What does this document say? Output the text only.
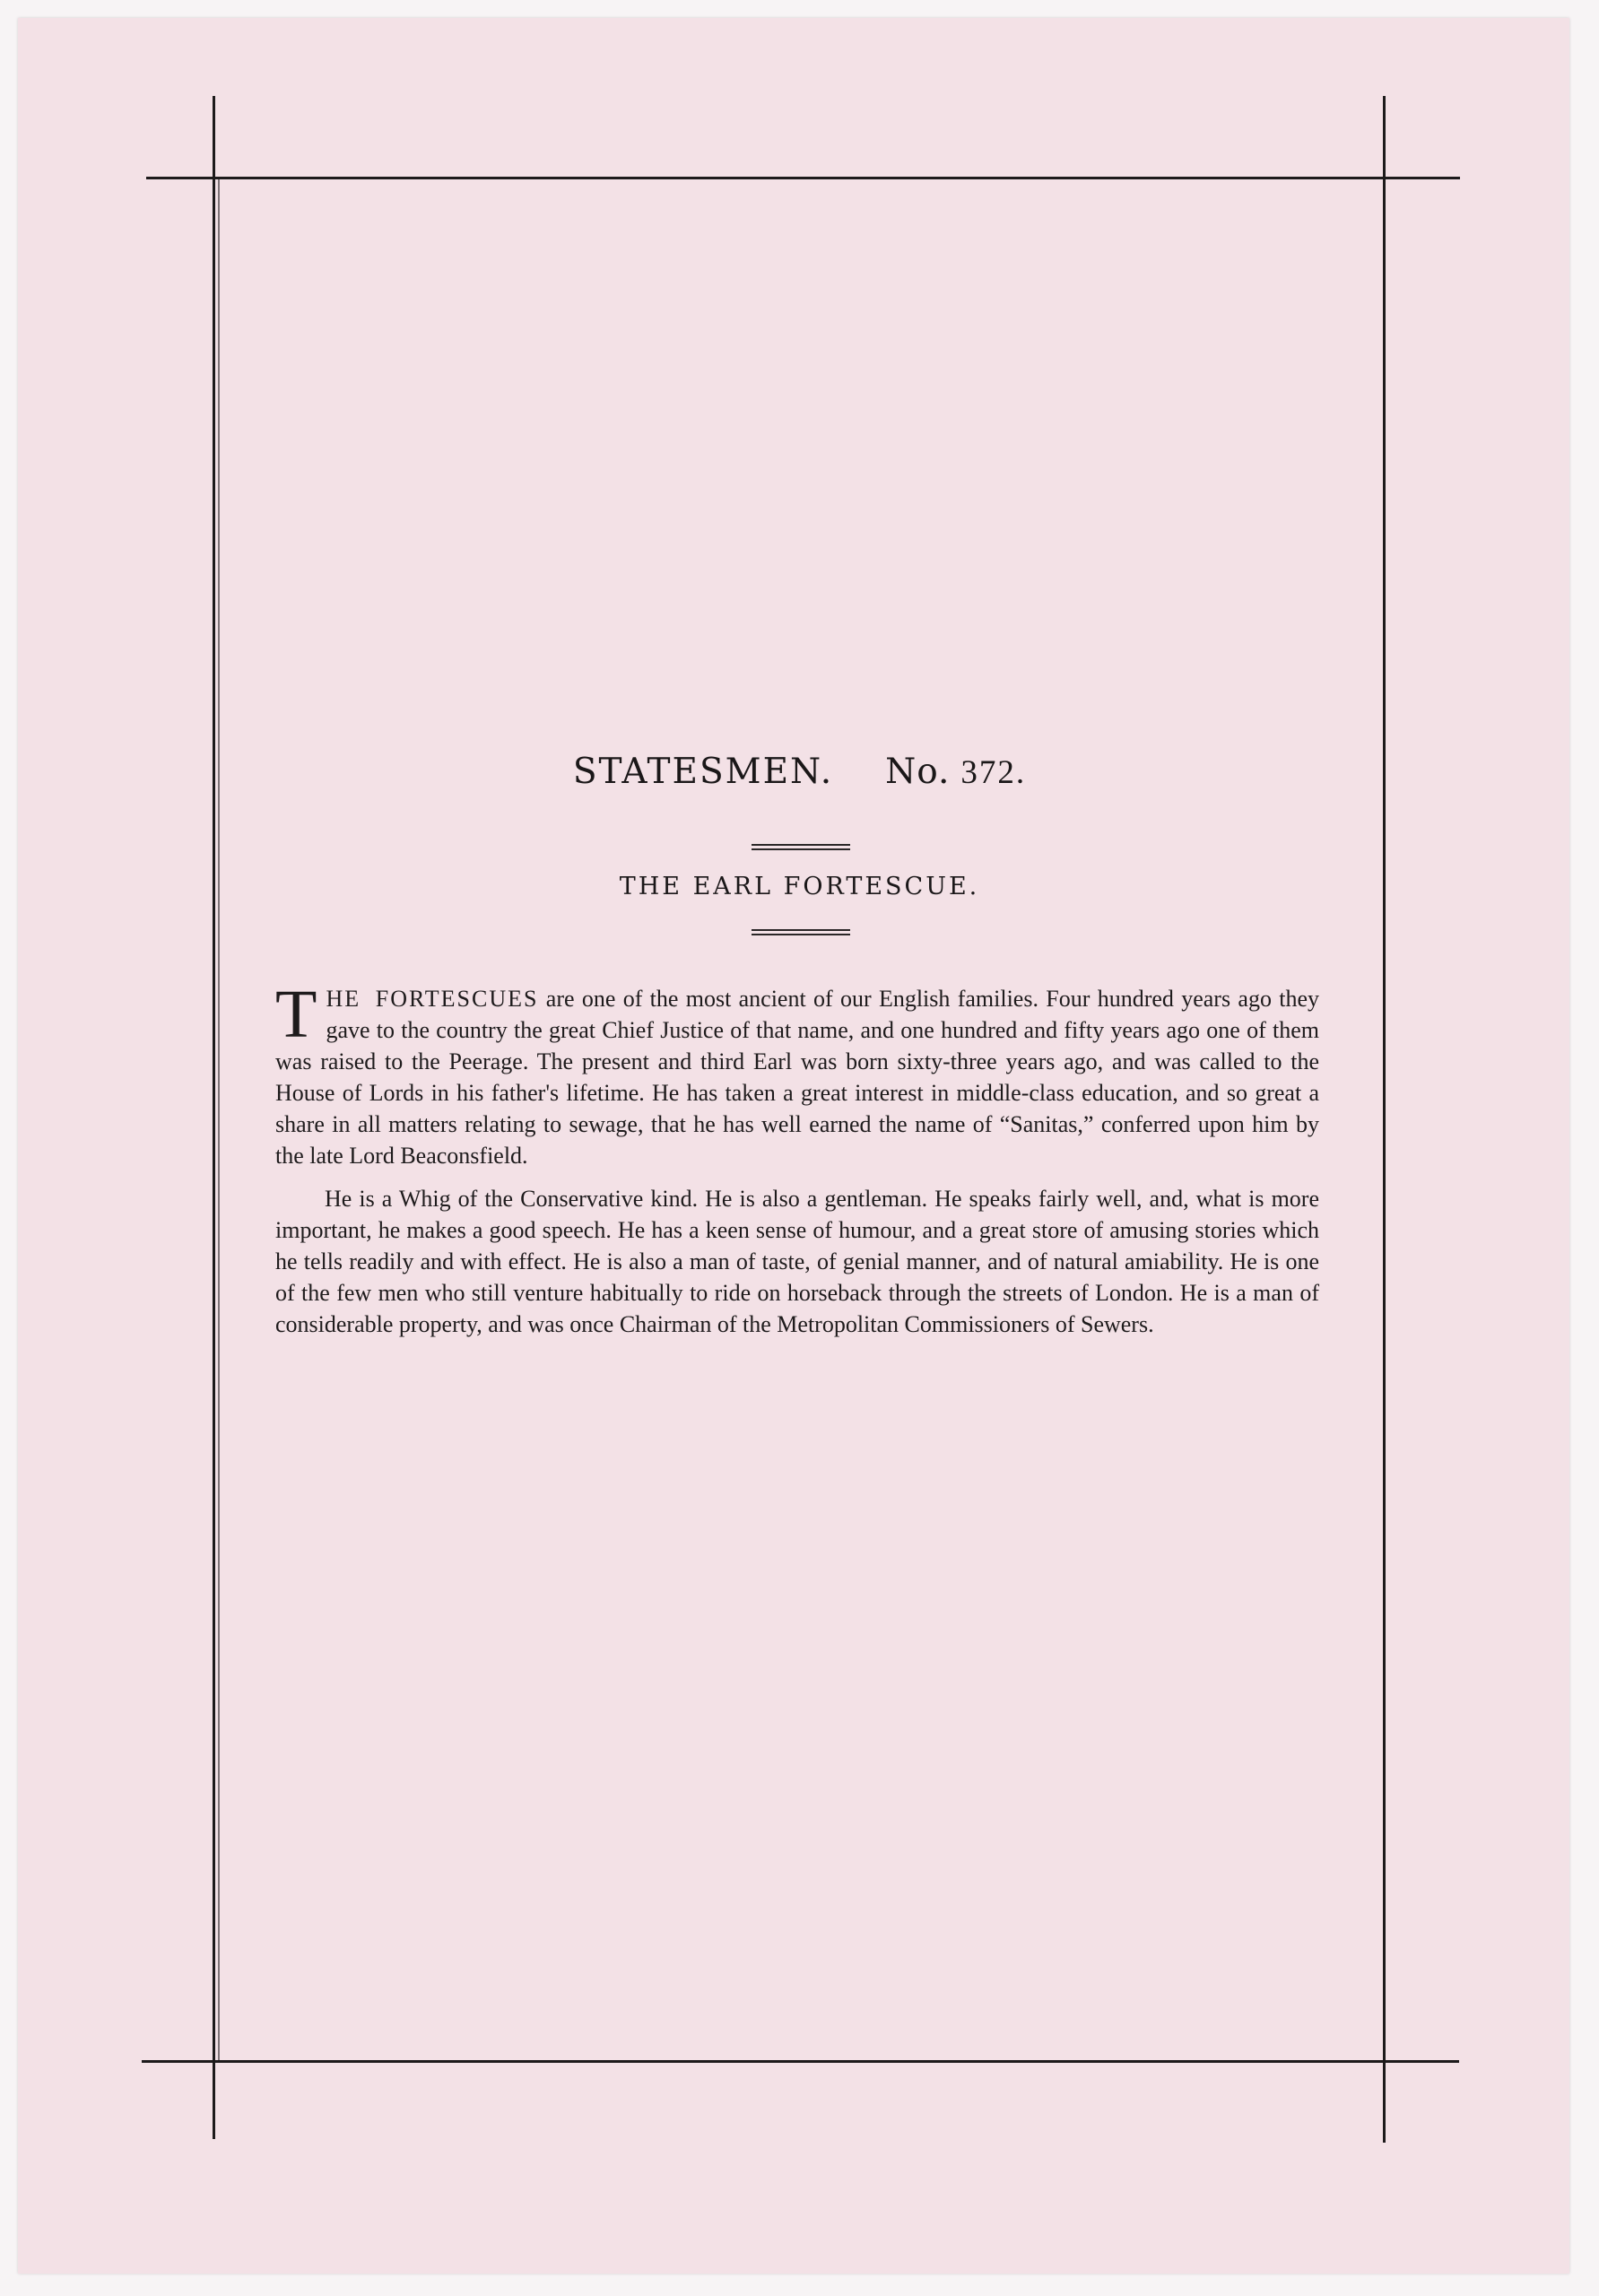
STATESMEN. No. 372.
THE EARL FORTESCUE.

THE FORTESCUES are one of the most ancient of our English families. Four hundred years ago they gave to the country the great Chief Justice of that name, and one hundred and fifty years ago one of them was raised to the Peerage. The present and third Earl was born sixty-three years ago, and was called to the House of Lords in his father's lifetime. He has taken a great interest in middle-class education, and so great a share in all matters relating to sewage, that he has well earned the name of “Sanitas,” conferred upon him by the late Lord Beaconsfield.

He is a Whig of the Conservative kind. He is also a gentleman. He speaks fairly well, and, what is more important, he makes a good speech. He has a keen sense of humour, and a great store of amusing stories which he tells readily and with effect. He is also a man of taste, of genial manner, and of natural amiability. He is one of the few men who still venture habitually to ride on horseback through the streets of London. He is a man of considerable property, and was once Chairman of the Metropolitan Commissioners of Sewers.
